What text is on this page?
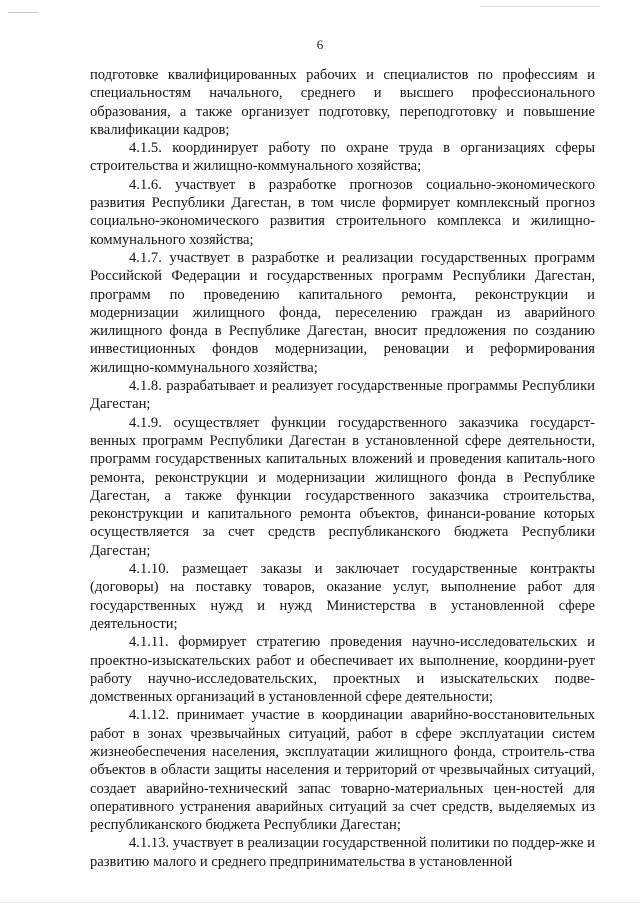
6

подготовке квалифицированных рабочих и специалистов по профессиям и специальностям начального, среднего и высшего профессионального образования, а также организует подготовку, переподготовку и повышение квалификации кадров;

4.1.5. координирует работу по охране труда в организациях сферы строительства и жилищно-коммунального хозяйства;

4.1.6. участвует в разработке прогнозов социально-экономического развития Республики Дагестан, в том числе формирует комплексный прогноз социально-экономического развития строительного комплекса и жилищно-коммунального хозяйства;

4.1.7. участвует в разработке и реализации государственных программ Российской Федерации и государственных программ Республики Дагестан, программ по проведению капитального ремонта, реконструкции и модернизации жилищного фонда, переселению граждан из аварийного жилищного фонда в Республике Дагестан, вносит предложения по созданию инвестиционных фондов модернизации, реновации и реформирования жилищно-коммунального хозяйства;

4.1.8. разрабатывает и реализует государственные программы Республики Дагестан;

4.1.9. осуществляет функции государственного заказчика государст-венных программ Республики Дагестан в установленной сфере деятельности, программ государственных капитальных вложений и проведения капиталь-ного ремонта, реконструкции и модернизации жилищного фонда в Республике Дагестан, а также функции государственного заказчика строительства, реконструкции и капитального ремонта объектов, финанси-рование которых осуществляется за счет средств республиканского бюджета Республики Дагестан;

4.1.10. размещает заказы и заключает государственные контракты (договоры) на поставку товаров, оказание услуг, выполнение работ для государственных нужд и нужд Министерства в установленной сфере деятельности;

4.1.11. формирует стратегию проведения научно-исследовательских и проектно-изыскательских работ и обеспечивает их выполнение, координи-рует работу научно-исследовательских, проектных и изыскательских подве-домственных организаций в установленной сфере деятельности;

4.1.12. принимает участие в координации аварийно-восстановительных работ в зонах чрезвычайных ситуаций, работ в сфере эксплуатации систем жизнеобеспечения населения, эксплуатации жилищного фонда, строитель-ства объектов в области защиты населения и территорий от чрезвычайных ситуаций, создает аварийно-технический запас товарно-материальных цен-ностей для оперативного устранения аварийных ситуаций за счет средств, выделяемых из республиканского бюджета Республики Дагестан;

4.1.13. участвует в реализации государственной политики по поддер-жке и развитию малого и среднего предпринимательства в установленной
